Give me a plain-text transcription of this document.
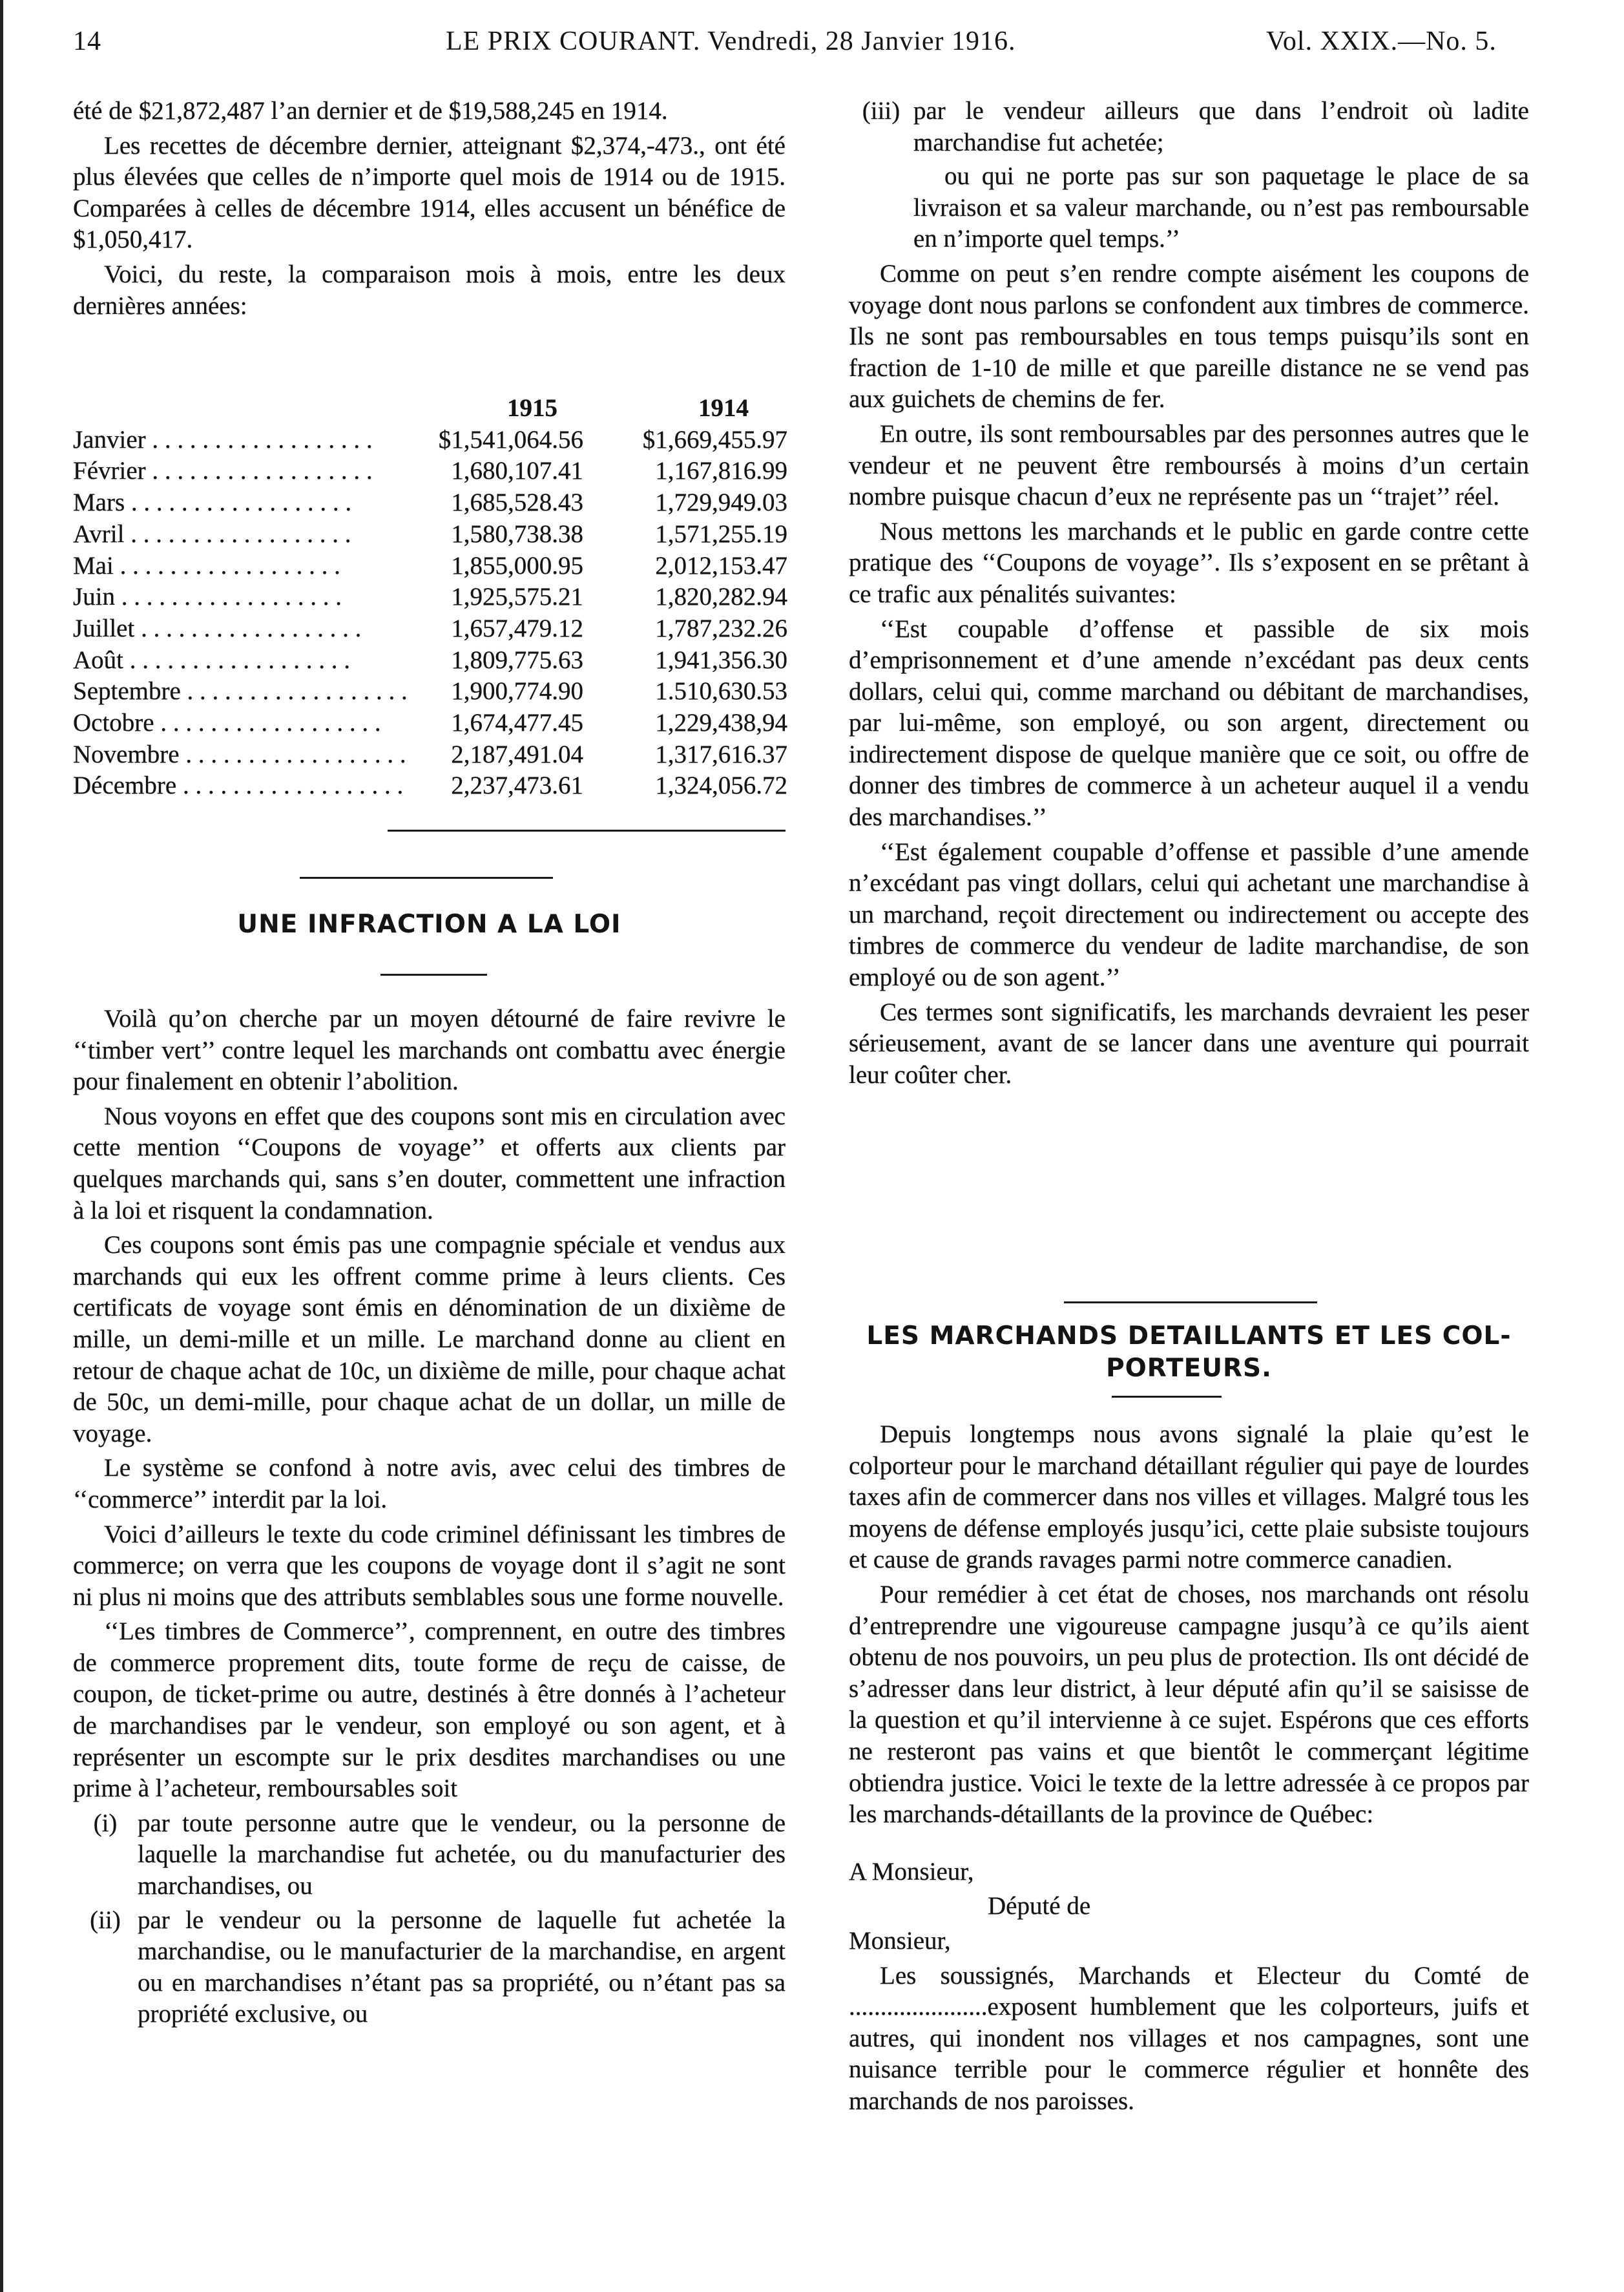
14	LE PRIX COURANT. Vendredi, 28 Janvier 1916.	Vol. XXIX.—No. 5.

été de $21,872,487 l’an dernier et de $19,588,245 en 1914.

Les recettes de décembre dernier, atteignant $2,374,-473., ont été plus élevées que celles de n’importe quel mois de 1914 ou de 1915. Comparées à celles de décembre 1914, elles accusent un bénéfice de $1,050,417.

Voici, du reste, la comparaison mois à mois, entre les deux dernières années:

	1915	1914
Janvier . . . . . . . . . . . . . . . . . .	$1,541,064.56	$1,669,455.97
Février . . . . . . . . . . . . . . . . . .	1,680,107.41	1,167,816.99
Mars . . . . . . . . . . . . . . . . . .	1,685,528.43	1,729,949.03
Avril . . . . . . . . . . . . . . . . . .	1,580,738.38	1,571,255.19
Mai . . . . . . . . . . . . . . . . . .	1,855,000.95	2,012,153.47
Juin . . . . . . . . . . . . . . . . . .	1,925,575.21	1,820,282.94
Juillet . . . . . . . . . . . . . . . . . .	1,657,479.12	1,787,232.26
Août . . . . . . . . . . . . . . . . . .	1,809,775.63	1,941,356.30
Septembre . . . . . . . . . . . . . . . . . .	1,900,774.90	1.510,630.53
Octobre . . . . . . . . . . . . . . . . . .	1,674,477.45	1,229,438,94
Novembre . . . . . . . . . . . . . . . . . .	2,187,491.04	1,317,616.37
Décembre . . . . . . . . . . . . . . . . . .	2,237,473.61	1,324,056.72
UNE INFRACTION A LA LOI

Voilà qu’on cherche par un moyen détourné de faire revivre le ‘‘timber vert’’ contre lequel les marchands ont combattu avec énergie pour finalement en obtenir l’abolition.

Nous voyons en effet que des coupons sont mis en circulation avec cette mention ‘‘Coupons de voyage’’ et offerts aux clients par quelques marchands qui, sans s’en douter, commettent une infraction à la loi et risquent la condamnation.

Ces coupons sont émis pas une compagnie spéciale et vendus aux marchands qui eux les offrent comme prime à leurs clients. Ces certificats de voyage sont émis en dénomination de un dixième de mille, un demi-mille et un mille. Le marchand donne au client en retour de chaque achat de 10c, un dixième de mille, pour chaque achat de 50c, un demi-mille, pour chaque achat de un dollar, un mille de voyage.

Le système se confond à notre avis, avec celui des timbres de ‘‘commerce’’ interdit par la loi.

Voici d’ailleurs le texte du code criminel définissant les timbres de commerce; on verra que les coupons de voyage dont il s’agit ne sont ni plus ni moins que des attributs semblables sous une forme nouvelle.

‘‘Les timbres de Commerce’’, comprennent, en outre des timbres de commerce proprement dits, toute forme de reçu de caisse, de coupon, de ticket-prime ou autre, destinés à être donnés à l’acheteur de marchandises par le vendeur, son employé ou son agent, et à représenter un escompte sur le prix desdites marchandises ou une prime à l’acheteur, remboursables soit

(i) par toute personne autre que le vendeur, ou la personne de laquelle la marchandise fut achetée, ou du manufacturier des marchandises, ou
(ii) par le vendeur ou la personne de laquelle fut achetée la marchandise, ou le manufacturier de la marchandise, en argent ou en marchandises n’étant pas sa propriété, ou n’étant pas sa propriété exclusive, ou
(iii) par le vendeur ailleurs que dans l’endroit où ladite marchandise fut achetée;

ou qui ne porte pas sur son paquetage le place de sa livraison et sa valeur marchande, ou n’est pas remboursable en n’importe quel temps.’’

Comme on peut s’en rendre compte aisément les coupons de voyage dont nous parlons se confondent aux timbres de commerce. Ils ne sont pas remboursables en tous temps puisqu’ils sont en fraction de 1-10 de mille et que pareille distance ne se vend pas aux guichets de chemins de fer.

En outre, ils sont remboursables par des personnes autres que le vendeur et ne peuvent être remboursés à moins d’un certain nombre puisque chacun d’eux ne représente pas un ‘‘trajet’’ réel.

Nous mettons les marchands et le public en garde contre cette pratique des ‘‘Coupons de voyage’’. Ils s’exposent en se prêtant à ce trafic aux pénalités suivantes:

‘‘Est coupable d’offense et passible de six mois d’emprisonnement et d’une amende n’excédant pas deux cents dollars, celui qui, comme marchand ou débitant de marchandises, par lui-même, son employé, ou son argent, directement ou indirectement dispose de quelque manière que ce soit, ou offre de donner des timbres de commerce à un acheteur auquel il a vendu des marchandises.’’

‘‘Est également coupable d’offense et passible d’une amende n’excédant pas vingt dollars, celui qui achetant une marchandise à un marchand, reçoit directement ou indirectement ou accepte des timbres de commerce du vendeur de ladite marchandise, de son employé ou de son agent.’’

Ces termes sont significatifs, les marchands devraient les peser sérieusement, avant de se lancer dans une aventure qui pourrait leur coûter cher.

LES MARCHANDS DETAILLANTS ET LES COL-
PORTEURS.

Depuis longtemps nous avons signalé la plaie qu’est le colporteur pour le marchand détaillant régulier qui paye de lourdes taxes afin de commercer dans nos villes et villages. Malgré tous les moyens de défense employés jusqu’ici, cette plaie subsiste toujours et cause de grands ravages parmi notre commerce canadien.

Pour remédier à cet état de choses, nos marchands ont résolu d’entreprendre une vigoureuse campagne jusqu’à ce qu’ils aient obtenu de nos pouvoirs, un peu plus de protection. Ils ont décidé de s’adresser dans leur district, à leur député afin qu’il se saisisse de la question et qu’il intervienne à ce sujet. Espérons que ces efforts ne resteront pas vains et que bientôt le commerçant légitime obtiendra justice. Voici le texte de la lettre adressée à ce propos par les marchands-détaillants de la province de Québec:

A Monsieur,

Député de

Monsieur,

Les soussignés, Marchands et Electeur du Comté de ......................exposent humblement que les colporteurs, juifs et autres, qui inondent nos villages et nos campagnes, sont une nuisance terrible pour le commerce régulier et honnête des marchands de nos paroisses.
